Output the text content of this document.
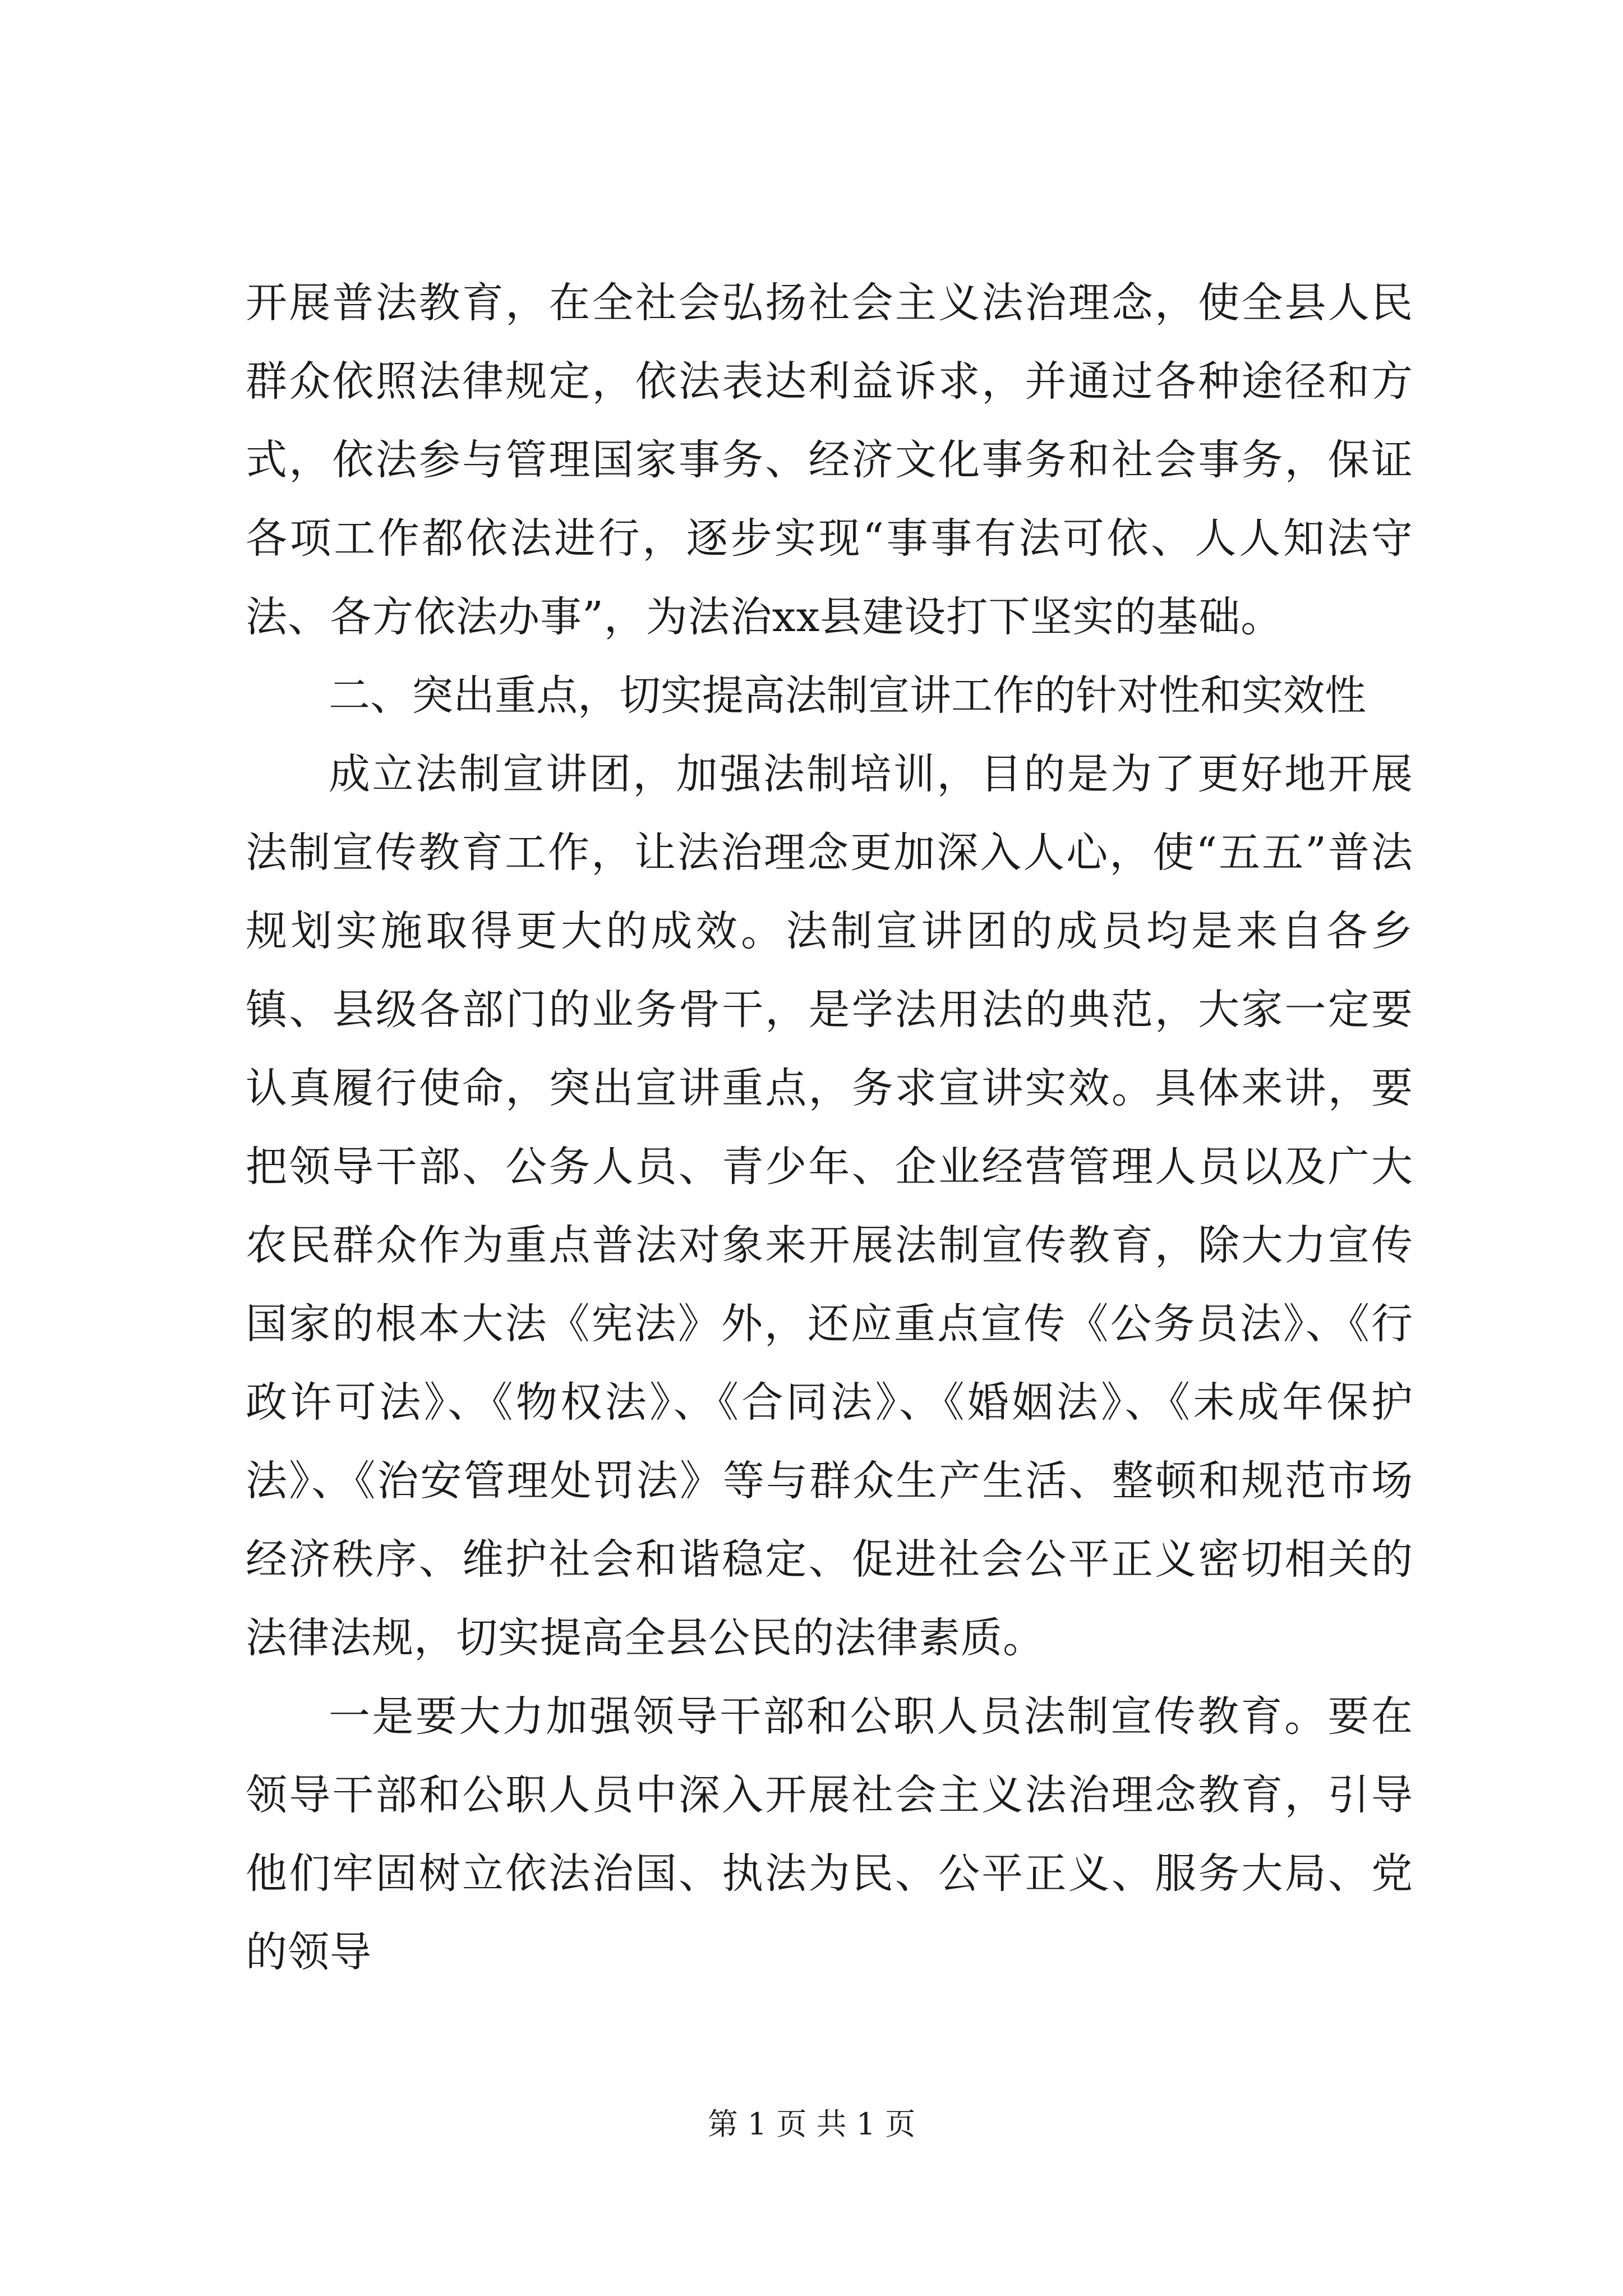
开展普法教育，在全社会弘扬社会主义法治理念，使全县人民群众依照法律规定，依法表达利益诉求，并通过各种途径和方式，依法参与管理国家事务、经济文化事务和社会事务，保证各项工作都依法进行，逐步实现“事事有法可依、人人知法守法、各方依法办事”，为法治xx县建设打下坚实的基础。

二、突出重点，切实提高法制宣讲工作的针对性和实效性

成立法制宣讲团，加强法制培训，目的是为了更好地开展法制宣传教育工作，让法治理念更加深入人心，使“五五”普法规划实施取得更大的成效。法制宣讲团的成员均是来自各乡镇、县级各部门的业务骨干，是学法用法的典范，大家一定要认真履行使命，突出宣讲重点，务求宣讲实效。具体来讲，要把领导干部、公务人员、青少年、企业经营管理人员以及广大农民群众作为重点普法对象来开展法制宣传教育，除大力宣传国家的根本大法《宪法》外，还应重点宣传《公务员法》、《行政许可法》、《物权法》、《合同法》、《婚姻法》、《未成年保护法》、《治安管理处罚法》等与群众生产生活、整顿和规范市场经济秩序、维护社会和谐稳定、促进社会公平正义密切相关的法律法规，切实提高全县公民的法律素质。

一是要大力加强领导干部和公职人员法制宣传教育。要在领导干部和公职人员中深入开展社会主义法治理念教育，引导他们牢固树立依法治国、执法为民、公平正义、服务大局、党的领导

第 1 页 共 1 页
